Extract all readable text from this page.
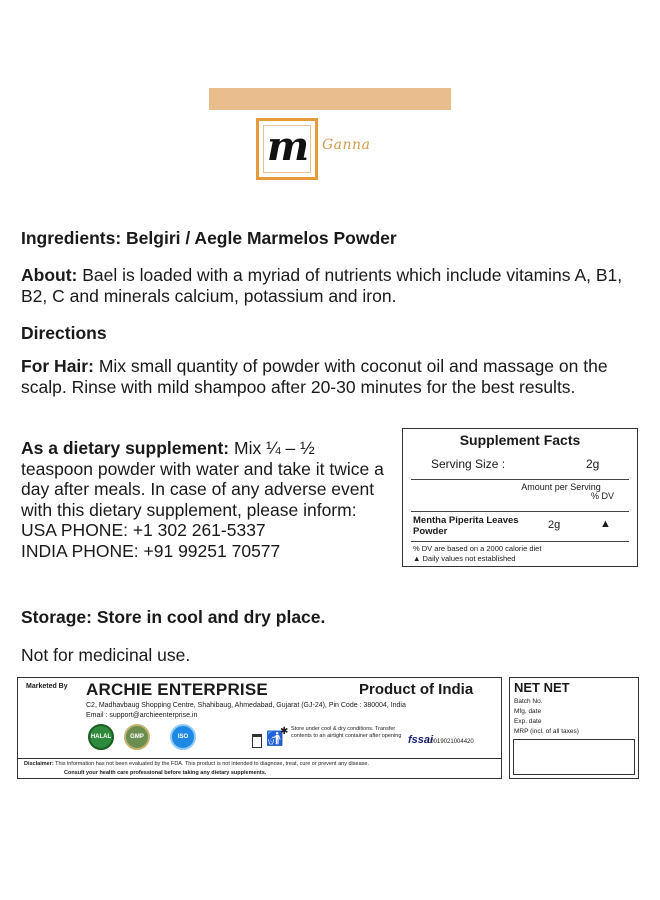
m Ganna
Ingredients: Belgiri / Aegle Marmelos Powder
About: Bael is loaded with a myriad of nutrients which include vitamins A, B1, B2, C and minerals calcium, potassium and iron.
Directions
For Hair: Mix small quantity of powder with coconut oil and massage on the scalp. Rinse with mild shampoo after 20-30 minutes for the best results.
As a dietary supplement: Mix ¼ – ½ teaspoon powder with water and take it twice a day after meals. In case of any adverse event with this dietary supplement, please inform:
USA PHONE: +1 302 261-5337
INDIA PHONE: +91 99251 70577
Supplement Facts
Serving Size :	2g
Amount per Serving
% DV
Mentha Piperita Leaves Powder
2g	▲
% DV are based on a 2000 calorie diet
▲ Daily values not established
Storage: Store in cool and dry place.
Not for medicinal use.
Marketed By ARCHIE ENTERPRISE	Product of India
C2, Madhavbaug Shopping Centre, Shahibaug, Ahmedabad, Gujarat (GJ-24), Pin Code : 380004, India
Email : support@archieenterprise.in
HALAL	GMP	ISO	🚮
✱ Store under cool & dry conditions. Transfer contents to an airtight container after opening fssai
10019021004420
Disclaimer: This information has not been evaluated by the FDA. This product is not intended to diagnose, treat, cure or prevent any disease.
Consult your health care professional before taking any dietary supplements.
NET NET
Batch No.
Mfg. date
Exp. date
MRP (incl. of all taxes)
